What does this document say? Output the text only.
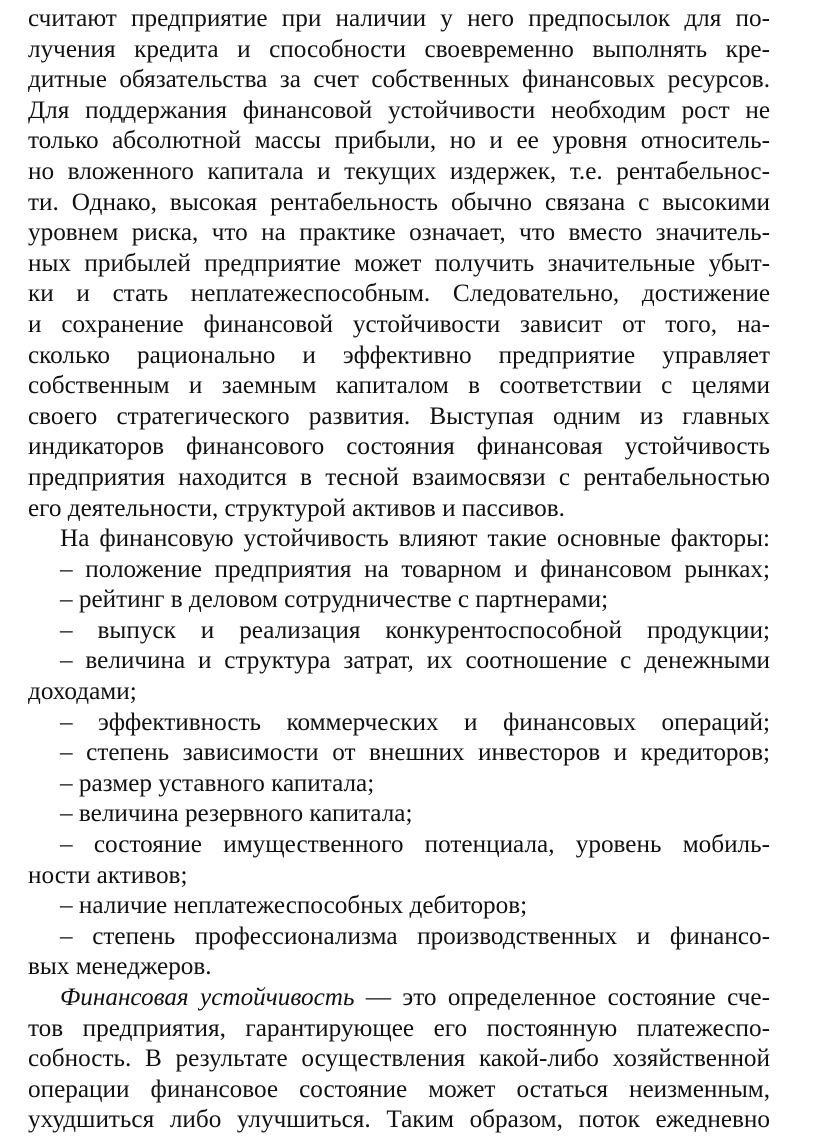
считают предприятие при наличии у него предпосылок для по-
лучения кредита и способности своевременно выполнять кре-
дитные обязательства за счет собственных финансовых ресурсов.
Для поддержания финансовой устойчивости необходим рост не
только абсолютной массы прибыли, но и ее уровня относитель-
но вложенного капитала и текущих издержек, т.е. рентабельнос-
ти. Однако, высокая рентабельность обычно связана с высокими
уровнем риска, что на практике означает, что вместо значитель-
ных прибылей предприятие может получить значительные убыт-
ки и стать неплатежеспособным. Следовательно, достижение
и сохранение финансовой устойчивости зависит от того, на-
сколько рационально и эффективно предприятие управляет
собственным и заемным капиталом в соответствии с целями
своего стратегического развития. Выступая одним из главных
индикаторов финансового состояния финансовая устойчивость
предприятия находится в тесной взаимосвязи с рентабельностью
его деятельности, структурой активов и пассивов.
На финансовую устойчивость влияют такие основные факторы:
– положение предприятия на товарном и финансовом рынках;
– рейтинг в деловом сотрудничестве с партнерами;
– выпуск и реализация конкурентоспособной продукции;
– величина и структура затрат, их соотношение с денежными
доходами;
– эффективность коммерческих и финансовых операций;
– степень зависимости от внешних инвесторов и кредиторов;
– размер уставного капитала;
– величина резервного капитала;
– состояние имущественного потенциала, уровень мобиль-
ности активов;
– наличие неплатежеспособных дебиторов;
– степень профессионализма производственных и финансо-
вых менеджеров.
Финансовая устойчивость — это определенное состояние сче-
тов предприятия, гарантирующее его постоянную платежеспо-
собность. В результате осуществления какой-либо хозяйственной
операции финансовое состояние может остаться неизменным,
ухудшиться либо улучшиться. Таким образом, поток ежедневно
